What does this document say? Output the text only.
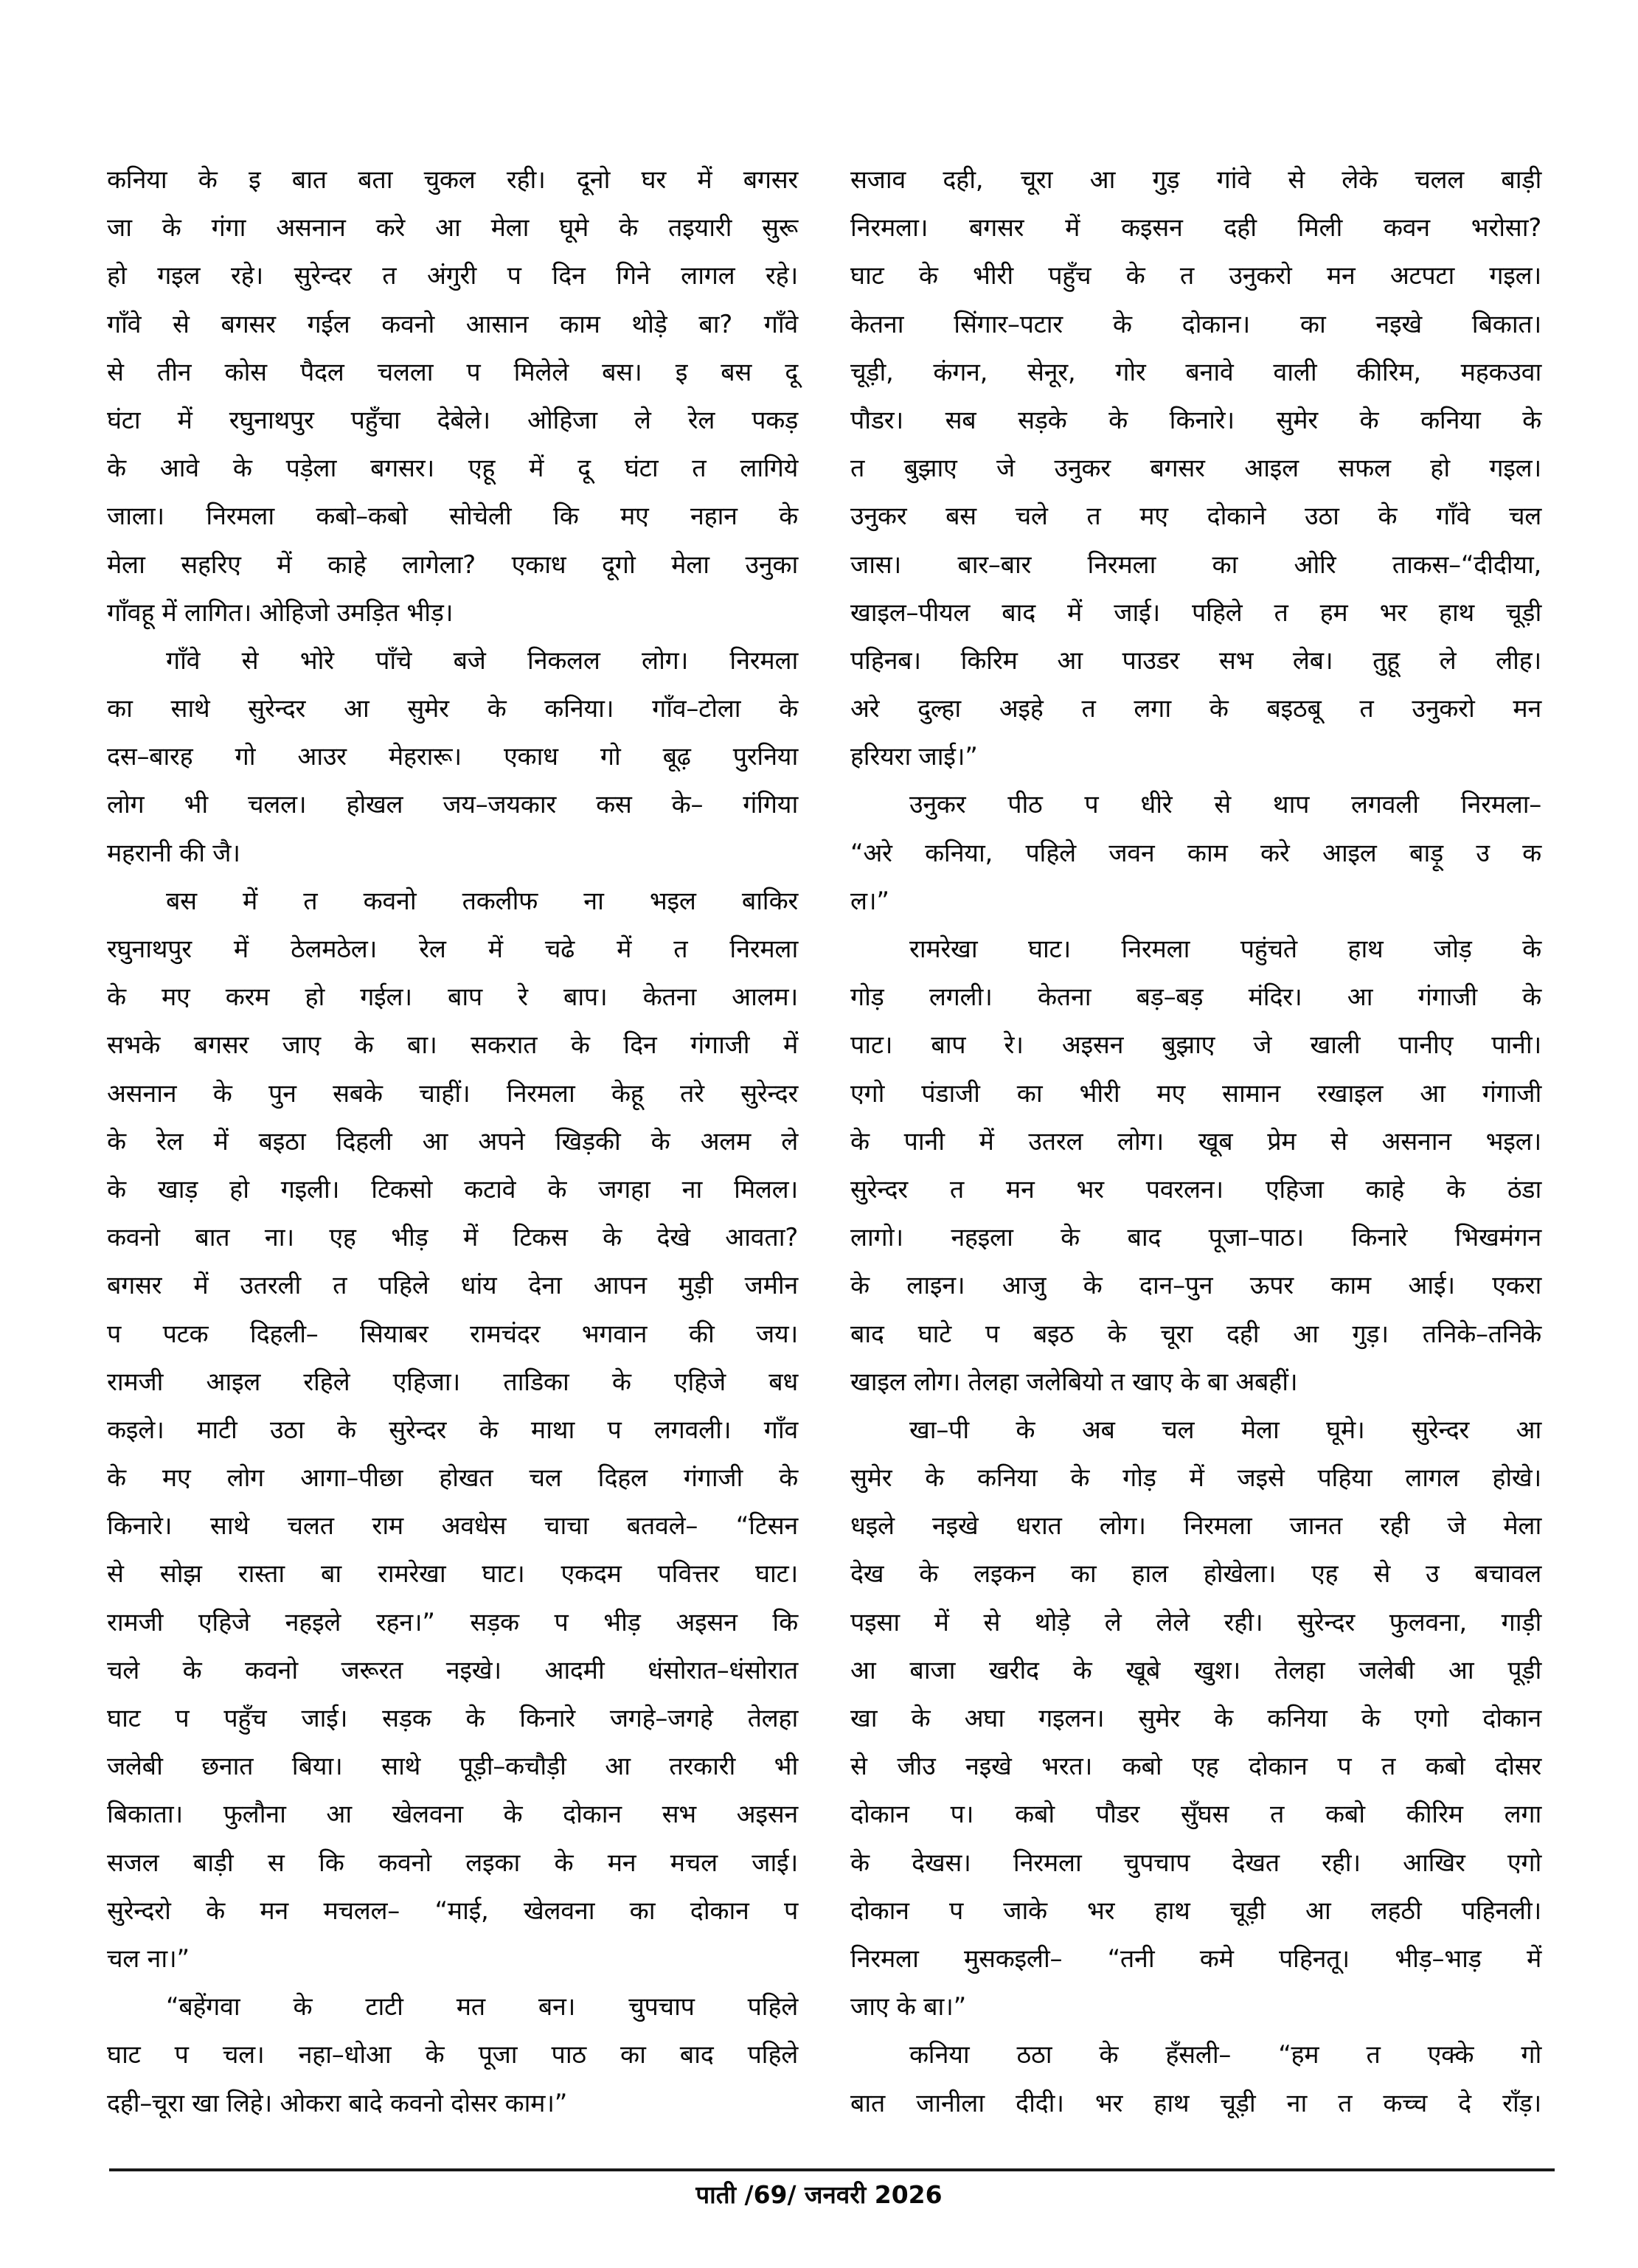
कनिया के इ बात बता चुकल रही। दूनो घर में बगसर
जा के गंगा असनान करे आ मेला घूमे के तइयारी सुरू
हो गइल रहे। सुरेन्दर त अंगुरी प दिन गिने लागल रहे।
गाँवे से बगसर गईल कवनो आसान काम थोड़े बा? गाँवे
से तीन कोस पैदल चलला प मिलेले बस। इ बस दू
घंटा में रघुनाथपुर पहुँचा देबेले। ओहिजा ले रेल पकड़
के आवे के पड़ेला बगसर। एहू में दू घंटा त लागिये
जाला। निरमला कबो–कबो सोचेली कि मए नहान के
मेला सहरिए में काहे लागेला? एकाध दूगो मेला उनुका
गाँवहू में लागित। ओहिजो उमड़ित भीड़।
गाँवे से भोरे पाँचे बजे निकलल लोग। निरमला
का साथे सुरेन्दर आ सुमेर के कनिया। गाँव–टोला के
दस–बारह गो आउर मेहरारू। एकाध गो बूढ़ पुरनिया
लोग भी चलल। होखल जय–जयकार कस के– गंगिया
महरानी की जै।
बस में त कवनो तकलीफ ना भइल बाकिर
रघुनाथपुर में ठेलमठेल। रेल में चढे में त निरमला
के मए करम हो गईल। बाप रे बाप। केतना आलम।
सभके बगसर जाए के बा। सकरात के दिन गंगाजी में
असनान के पुन सबके चाहीं। निरमला केहू तरे सुरेन्दर
के रेल में बइठा दिहली आ अपने खिड़की के अलम ले
के खाड़ हो गइली। टिकसो कटावे के जगहा ना मिलल।
कवनो बात ना। एह भीड़ में टिकस के देखे आवता?
बगसर में उतरली त पहिले धांय देना आपन मुड़ी जमीन
प पटक दिहली– सियाबर रामचंदर भगवान की जय।
रामजी आइल रहिले एहिजा। ताडिका के एहिजे बध
कइले। माटी उठा के सुरेन्दर के माथा प लगवली। गाँव
के मए लोग आगा–पीछा होखत चल दिहल गंगाजी के
किनारे। साथे चलत राम अवधेस चाचा बतवले– “टिसन
से सोझ रास्ता बा रामरेखा घाट। एकदम पवित्तर घाट।
रामजी एहिजे नहइले रहन।” सड़क प भीड़ अइसन कि
चले के कवनो जरूरत नइखे। आदमी धंसोरात–धंसोरात
घाट प पहुँच जाई। सड़क के किनारे जगहे–जगहे तेलहा
जलेबी छनात बिया। साथे पूड़ी–कचौड़ी आ तरकारी भी
बिकाता। फुलौना आ खेलवना के दोकान सभ अइसन
सजल बाड़ी स कि कवनो लइका के मन मचल जाई।
सुरेन्दरो के मन मचलल– “माई, खेलवना का दोकान प
चल ना।”
“बहेंगवा के टाटी मत बन। चुपचाप पहिले
घाट प चल। नहा–धोआ के पूजा पाठ का बाद पहिले
दही–चूरा खा लिहे। ओकरा बादे कवनो दोसर काम।”
सजाव दही, चूरा आ गुड़ गांवे से लेके चलल बाड़ी
निरमला। बगसर में कइसन दही मिली कवन भरोसा?
घाट के भीरी पहुँच के त उनुकरो मन अटपटा गइल।
केतना सिंगार–पटार के दोकान। का नइखे बिकात।
चूड़ी, कंगन, सेनूर, गोर बनावे वाली कीरिम, महकउवा
पौडर। सब सड़के के किनारे। सुमेर के कनिया के
त बुझाए जे उनुकर बगसर आइल सफल हो गइल।
उनुकर बस चले त मए दोकाने उठा के गाँवे चल
जास। बार–बार निरमला का ओरि ताकस–“दीदीया,
खाइल–पीयल बाद में जाई। पहिले त हम भर हाथ चूड़ी
पहिनब। किरिम आ पाउडर सभ लेब। तुहू ले लीह।
अरे दुल्हा अइहे त लगा के बइठबू त उनुकरो मन
हरियरा जाई।”
उनुकर पीठ प धीरे से थाप लगवली निरमला–
“अरे कनिया, पहिले जवन काम करे आइल बाड़ू उ क
ल।”
रामरेखा घाट। निरमला पहुंचते हाथ जोड़ के
गोड़ लगली। केतना बड़–बड़ मंदिर। आ गंगाजी के
पाट। बाप रे। अइसन बुझाए जे खाली पानीए पानी।
एगो पंडाजी का भीरी मए सामान रखाइल आ गंगाजी
के पानी में उतरल लोग। खूब प्रेम से असनान भइल।
सुरेन्दर त मन भर पवरलन। एहिजा काहे के ठंडा
लागो। नहइला के बाद पूजा–पाठ। किनारे भिखमंगन
के लाइन। आजु के दान–पुन ऊपर काम आई। एकरा
बाद घाटे प बइठ के चूरा दही आ गुड़। तनिके–तनिके
खाइल लोग। तेलहा जलेबियो त खाए के बा अबहीं।
खा–पी के अब चल मेला घूमे। सुरेन्दर आ
सुमेर के कनिया के गोड़ में जइसे पहिया लागल होखे।
धइले नइखे धरात लोग। निरमला जानत रही जे मेला
देख के लइकन का हाल होखेला। एह से उ बचावल
पइसा में से थोड़े ले लेले रही। सुरेन्दर फुलवना, गाड़ी
आ बाजा खरीद के खूबे खुश। तेलहा जलेबी आ पूड़ी
खा के अघा गइलन। सुमेर के कनिया के एगो दोकान
से जीउ नइखे भरत। कबो एह दोकान प त कबो दोसर
दोकान प। कबो पौडर सुँघस त कबो कीरिम लगा
के देखस। निरमला चुपचाप देखत रही। आखिर एगो
दोकान प जाके भर हाथ चूड़ी आ लहठी पहिनली।
निरमला मुसकइली– “तनी कमे पहिनतू। भीड़–भाड़ में
जाए के बा।”
कनिया ठठा के हँसली– “हम त एक्के गो
बात जानीला दीदी। भर हाथ चूड़ी ना त कच्च दे राँड़।
पाती /69/ जनवरी 2026
